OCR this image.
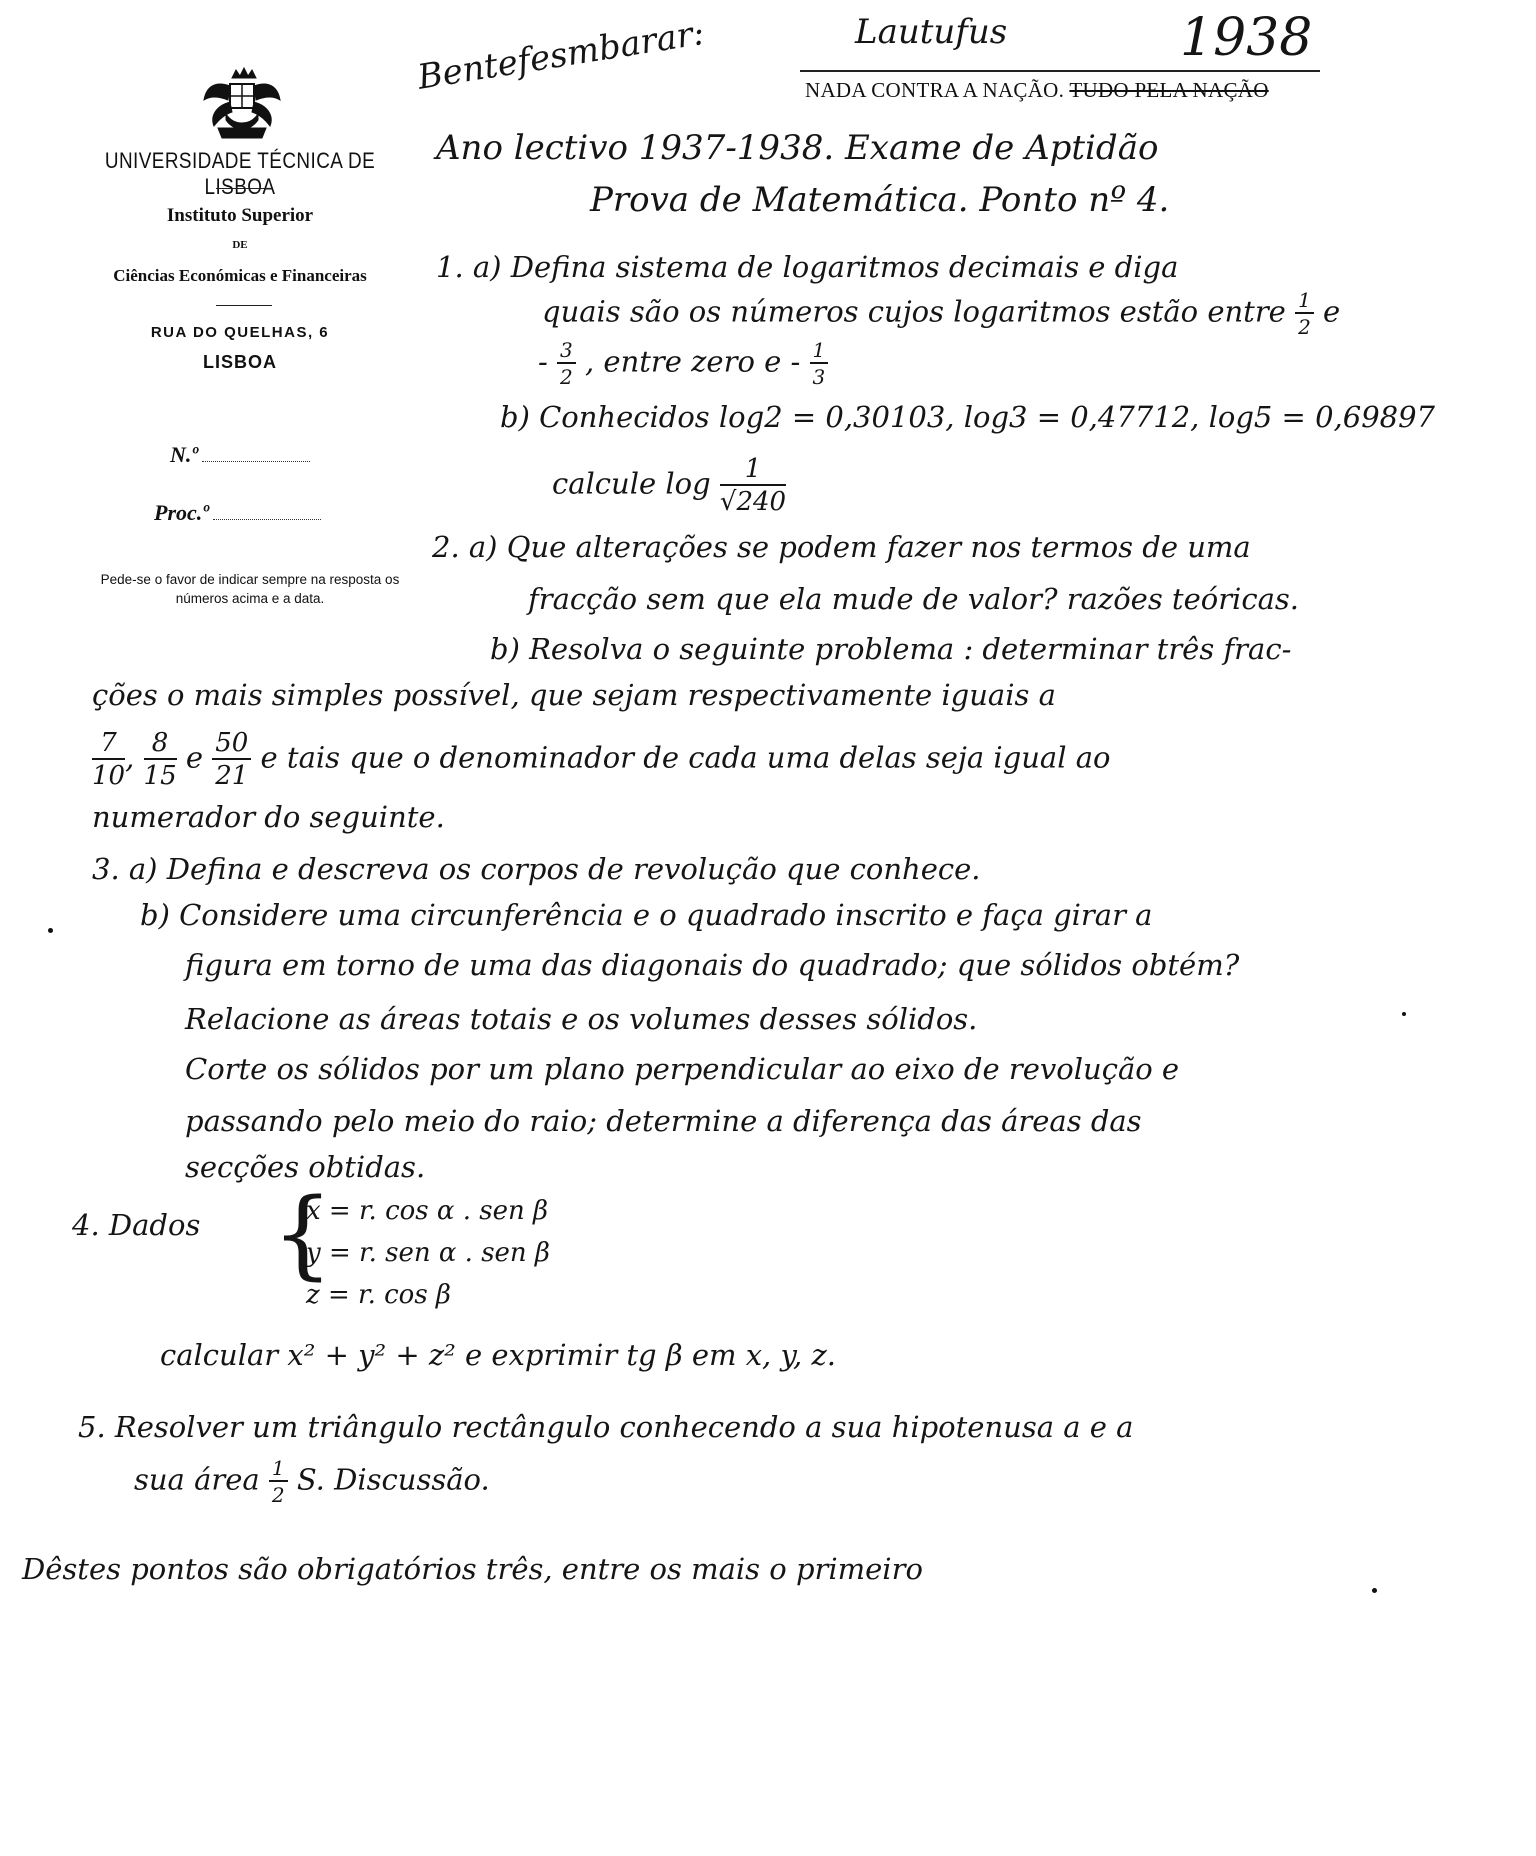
UNIVERSIDADE TÉCNICA DE LISBOA
Instituto Superior
DE
Ciências Económicas e Financeiras
RUA DO QUELHAS, 6
LISBOA
N.º
Proc.º
Pede-se o favor de indicar sempre na resposta os números acima e a data.
NADA CONTRA A NAÇÃO. TUDO PELA NAÇÃO
Bentefesmbarar:	Lautufus	1938
Ano lectivo 1937-1938. Exame de Aptidão
Prova de Matemática. Ponto nº 4.
1. a) Defina sistema de logaritmos decimais e diga
quais são os números cujos logaritmos estão entre $\frac{1}{2}$ e
- $\frac{3}{2}$ , entre zero e - $\frac{1}{3}$
b) Conhecidos log2 = 0,30103, log3 = 0,47712, log5 = 0,69897
calcule $\log \frac{1}{√240}$
2. a) Que alterações se podem fazer nos termos de uma
fracção sem que ela mude de valor? razões teóricas.
b) Resolva o seguinte problema : determinar três frac-
ções o mais simples possível, que sejam respectivamente iguais a
$\frac{7}{10}$ , $\frac{8}{15}$ e $\frac{50}{21}$ e tais que o denominador de cada uma delas seja igual ao
numerador do seguinte.
3. a) Defina e descreva os corpos de revolução que conhece.
b) Considere uma circunferência e o quadrado inscrito e faça girar a
figura em torno de uma das diagonais do quadrado; que sólidos obtém?
Relacione as áreas totais e os volumes desses sólidos.
Corte os sólidos por um plano perpendicular ao eixo de revolução e
passando pelo meio do raio; determine a diferença das áreas das
secções obtidas.
4. Dados {
x = r. cos α . sen β
y = r. sen α . sen β
z = r. cos β
calcular x² + y² + z² e exprimir tg β em x, y, z.
5. Resolver um triângulo rectângulo conhecendo a sua hipotenusa a e a
sua área $\frac{1}{2} S$. Discussão.
Dêstes pontos são obrigatórios três, entre os mais o primeiro
